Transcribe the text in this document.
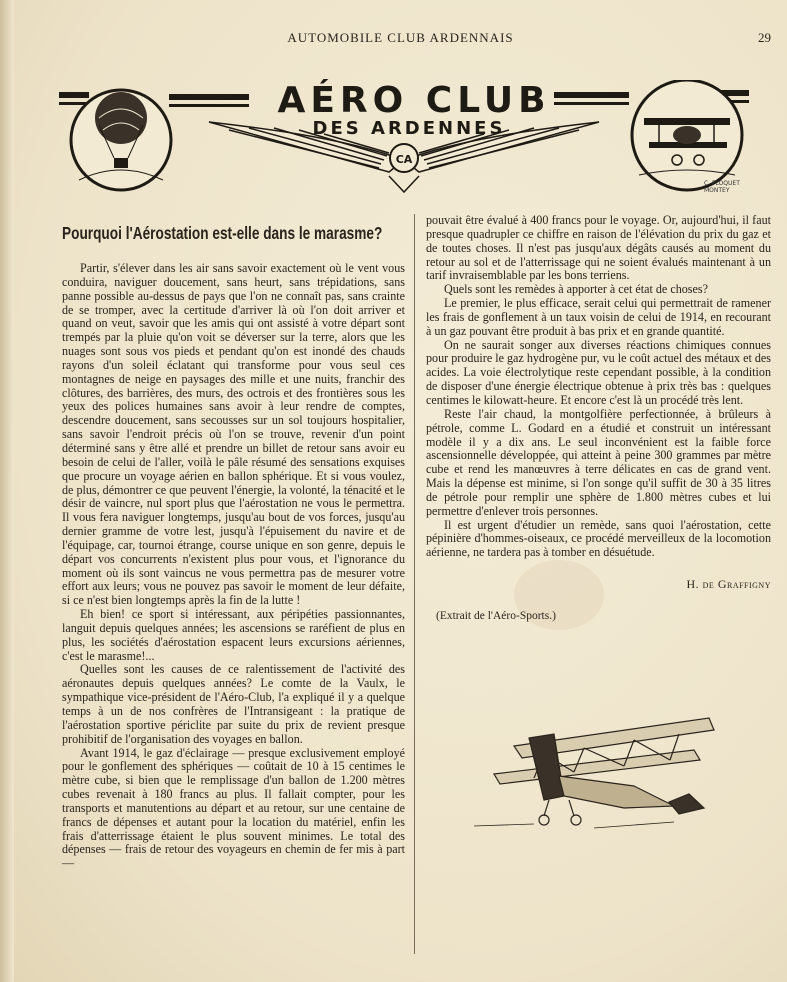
AUTOMOBILE CLUB ARDENNAIS	29
CA
AÉRO CLUB
DES ARDENNES
C. FLOQUET
MONTEY
Pourquoi l'Aérostation est-elle dans le marasme?

Partir, s'élever dans les air sans savoir exactement où le vent vous conduira, naviguer doucement, sans heurt, sans trépidations, sans panne possible au-dessus de pays que l'on ne connaît pas, sans crainte de se tromper, avec la certitude d'arriver là où l'on doit arriver et quand on veut, savoir que les amis qui ont assisté à votre départ sont trempés par la pluie qu'on voit se déverser sur la terre, alors que les nuages sont sous vos pieds et pendant qu'on est inondé des chauds rayons d'un soleil éclatant qui transforme pour vous seul ces montagnes de neige en paysages des mille et une nuits, franchir des clôtures, des barrières, des murs, des octrois et des frontières sous les yeux des polices humaines sans avoir à leur rendre de comptes, descendre doucement, sans secousses sur un sol toujours hospitalier, sans savoir l'endroit précis où l'on se trouve, revenir d'un point déterminé sans y être allé et prendre un billet de retour sans avoir eu besoin de celui de l'aller, voilà le pâle résumé des sensations exquises que procure un voyage aérien en ballon sphérique. Et si vous voulez, de plus, démontrer ce que peuvent l'énergie, la volonté, la ténacité et le désir de vaincre, nul sport plus que l'aérostation ne vous le permettra. Il vous fera naviguer longtemps, jusqu'au bout de vos forces, jusqu'au dernier gramme de votre lest, jusqu'à l'épuisement du navire et de l'équipage, car, tournoi étrange, course unique en son genre, depuis le départ vos concurrents n'existent plus pour vous, et l'ignorance du moment où ils sont vaincus ne vous permettra pas de mesurer votre effort aux leurs; vous ne pouvez pas savoir le moment de leur défaite, si ce n'est bien longtemps après la fin de la lutte !

Eh bien! ce sport si intéressant, aux péripéties passionnantes, languit depuis quelques années; les ascensions se raréfient de plus en plus, les sociétés d'aérostation espacent leurs excursions aériennes, c'est le marasme!...

Quelles sont les causes de ce ralentissement de l'activité des aéronautes depuis quelques années? Le comte de la Vaulx, le sympathique vice-président de l'Aéro-Club, l'a expliqué il y a quelque temps à un de nos confrères de l'Intransigeant : la pratique de l'aérostation sportive périclite par suite du prix de revient presque prohibitif de l'organisation des voyages en ballon.

Avant 1914, le gaz d'éclairage — presque exclusivement employé pour le gonflement des sphériques — coûtait de 10 à 15 centimes le mètre cube, si bien que le remplissage d'un ballon de 1.200 mètres cubes revenait à 180 francs au plus. Il fallait compter, pour les transports et manutentions au départ et au retour, sur une centaine de francs de dépenses et autant pour la location du matériel, enfin les frais d'atterrissage étaient le plus souvent minimes. Le total des dépenses — frais de retour des voyageurs en chemin de fer mis à part —

pouvait être évalué à 400 francs pour le voyage. Or, aujourd'hui, il faut presque quadrupler ce chiffre en raison de l'élévation du prix du gaz et de toutes choses. Il n'est pas jusqu'aux dégâts causés au moment du retour au sol et de l'atterrissage qui ne soient évalués maintenant à un tarif invraisemblable par les bons terriens.

Quels sont les remèdes à apporter à cet état de choses?

Le premier, le plus efficace, serait celui qui permettrait de ramener les frais de gonflement à un taux voisin de celui de 1914, en recourant à un gaz pouvant être produit à bas prix et en grande quantité.

On ne saurait songer aux diverses réactions chimiques connues pour produire le gaz hydrogène pur, vu le coût actuel des métaux et des acides. La voie électrolytique reste cependant possible, à la condition de disposer d'une énergie électrique obtenue à prix très bas : quelques centimes le kilowatt-heure. Et encore c'est là un procédé très lent.

Reste l'air chaud, la montgolfière perfectionnée, à brûleurs à pétrole, comme L. Godard en a étudié et construit un intéressant modèle il y a dix ans. Le seul inconvénient est la faible force ascensionnelle développée, qui atteint à peine 300 grammes par mètre cube et rend les manœuvres à terre délicates en cas de grand vent. Mais la dépense est minime, si l'on songe qu'il suffit de 30 à 35 litres de pétrole pour remplir une sphère de 1.800 mètres cubes et lui permettre d'enlever trois personnes.

Il est urgent d'étudier un remède, sans quoi l'aérostation, cette pépinière d'hommes-oiseaux, ce procédé merveilleux de la locomotion aérienne, ne tardera pas à tomber en désuétude.

H. de Graffigny
(Extrait de l'Aéro-Sports.)
